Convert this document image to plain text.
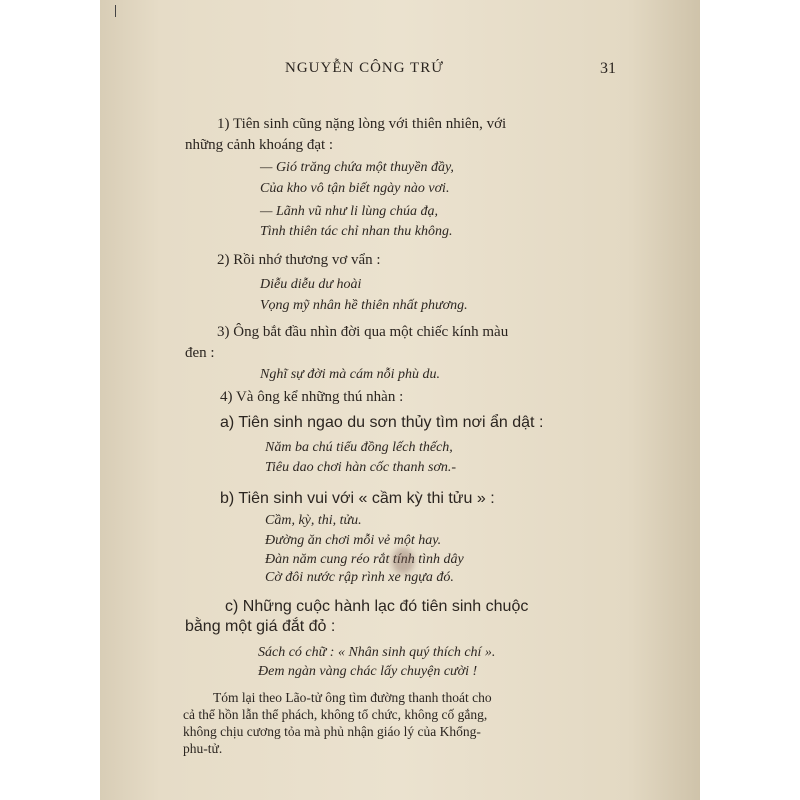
NGUYỄN CÔNG TRỨ	31
1) Tiên sinh cũng nặng lòng với thiên nhiên, với
những cảnh khoáng đạt :
— Gió trăng chứa một thuyền đầy,
Của kho vô tận biết ngày nào vơi.
— Lãnh vũ như li lùng chúa đạ,
Tình thiên tác chỉ nhan thu không.
2) Rồi nhớ thương vơ vẩn :
Diễu diễu dư hoài
Vọng mỹ nhân hề thiên nhất phương.
3) Ông bắt đầu nhìn đời qua một chiếc kính màu
đen :
Nghĩ sự đời mà cám nỗi phù du.
4) Và ông kể những thú nhàn :
a) Tiên sinh ngao du sơn thủy tìm nơi ẩn dật :
Năm ba chú tiểu đồng lếch thếch,
Tiêu dao chơi hàn cốc thanh sơn.-
b) Tiên sinh vui với « cầm kỳ thi tửu » :
Cầm, kỳ, thi, tửu.
Đường ăn chơi mỗi vẻ một hay.
Đàn năm cung réo rắt tính tình dây
Cờ đôi nước rập rình xe ngựa đó.
c) Những cuộc hành lạc đó tiên sinh chuộc
bằng một giá đắt đỏ :
Sách có chữ : « Nhân sinh quý thích chí ».
Đem ngàn vàng chác lấy chuyện cười !
Tóm lại theo Lão-tử ông tìm đường thanh thoát cho
cả thể hồn lẫn thể phách, không tổ chức, không cố gắng,
không chịu cương tỏa mà phủ nhận giáo lý của Khổng-
phu-tử.
